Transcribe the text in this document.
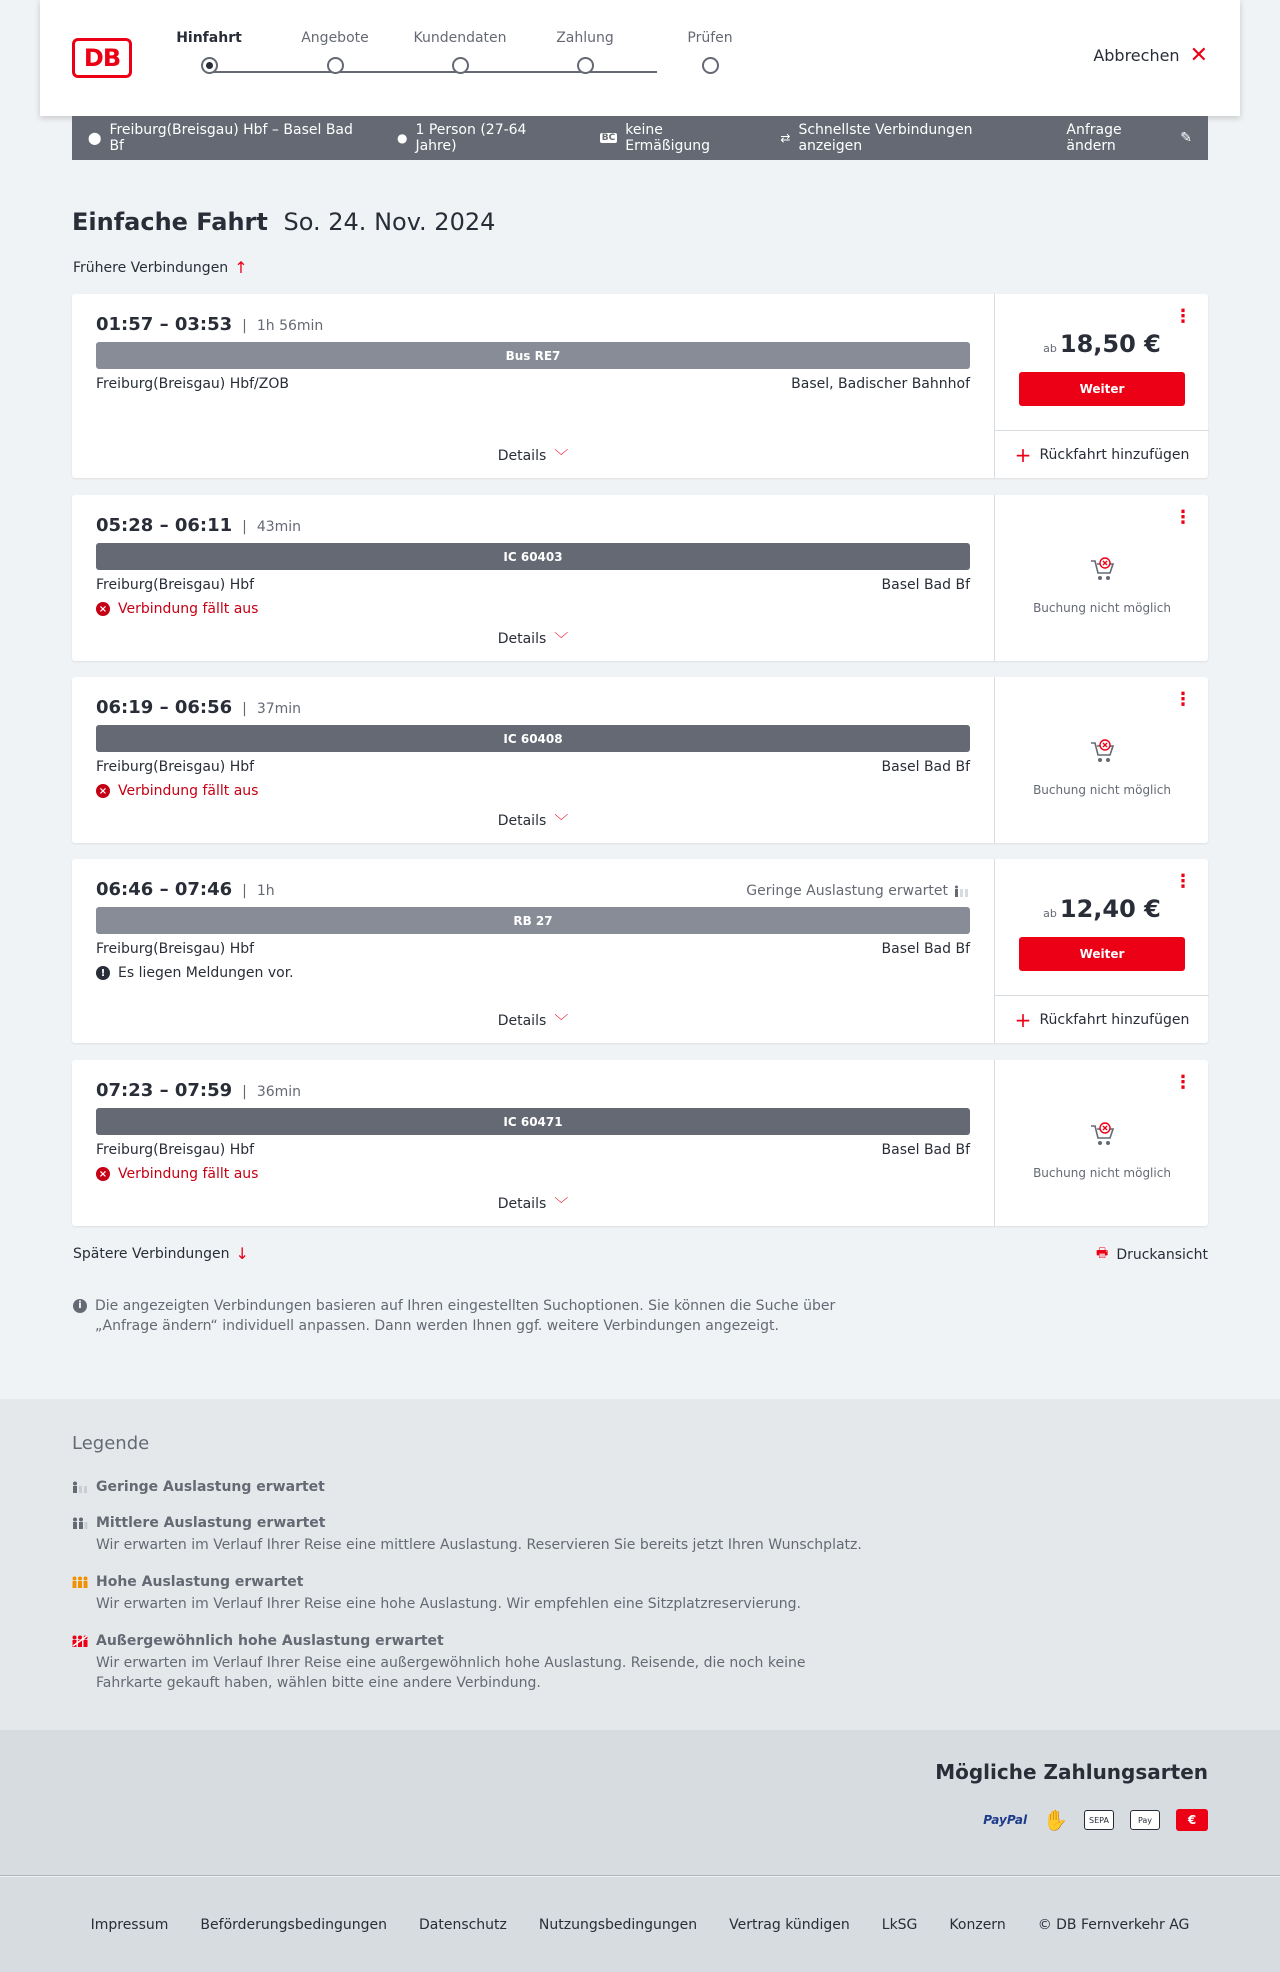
DB
Hinfahrt	Angebote	Kundendaten	Zahlung	Prüfen
Abbrechen ✕
⬤ Freiburg(Breisgau) Hbf – Basel Bad Bf	● 1 Person (27-64 Jahre)	BC keine Ermäßigung	⇄ Schnellste Verbindungen anzeigen
Anfrage ändern	✎
Einfache Fahrt So. 24. Nov. 2024
Frühere Verbindungen ↑
01:57 – 03:53 | 1h 56min
Bus RE7
Freiburg(Breisgau) Hbf/ZOB	Basel, Badischer Bahnhof
Details ﹀
⋮
ab 18,50 €
Weiter
+ Rückfahrt hinzufügen
05:28 – 06:11 | 43min
IC 60403
Freiburg(Breisgau) Hbf	Basel Bad Bf
× Verbindung fällt aus
Details ﹀
⋮
Buchung nicht möglich
06:19 – 06:56 | 37min
IC 60408
Freiburg(Breisgau) Hbf	Basel Bad Bf
× Verbindung fällt aus
Details ﹀
⋮
Buchung nicht möglich
06:46 – 07:46 | 1h	Geringe Auslastung erwartet
RB 27
Freiburg(Breisgau) Hbf	Basel Bad Bf
! Es liegen Meldungen vor.
Details ﹀
⋮
ab 12,40 €
Weiter
+ Rückfahrt hinzufügen
07:23 – 07:59 | 36min
IC 60471
Freiburg(Breisgau) Hbf	Basel Bad Bf
× Verbindung fällt aus
Details ﹀
⋮
Buchung nicht möglich
Spätere Verbindungen ↓	🖶 Druckansicht
i Die angezeigten Verbindungen basieren auf Ihren eingestellten Suchoptionen. Sie können die Suche über „Anfrage ändern“ individuell anpassen. Dann werden Ihnen ggf. weitere Verbindungen angezeigt.
Legende
Geringe Auslastung erwartet
Mittlere Auslastung erwartet
Wir erwarten im Verlauf Ihrer Reise eine mittlere Auslastung. Reservieren Sie bereits jetzt Ihren Wunschplatz.
Hohe Auslastung erwartet
Wir erwarten im Verlauf Ihrer Reise eine hohe Auslastung. Wir empfehlen eine Sitzplatzreservierung.
Außergewöhnlich hohe Auslastung erwartet
Wir erwarten im Verlauf Ihrer Reise eine außergewöhnlich hohe Auslastung. Reisende, die noch keine Fahrkarte gekauft haben, wählen bitte eine andere Verbindung.
Mögliche Zahlungsarten
PayPal ✋	SEPA	Pay	€
Impressum Beförderungsbedingungen Datenschutz Nutzungsbedingungen Vertrag kündigen LkSG Konzern © DB Fernverkehr AG
